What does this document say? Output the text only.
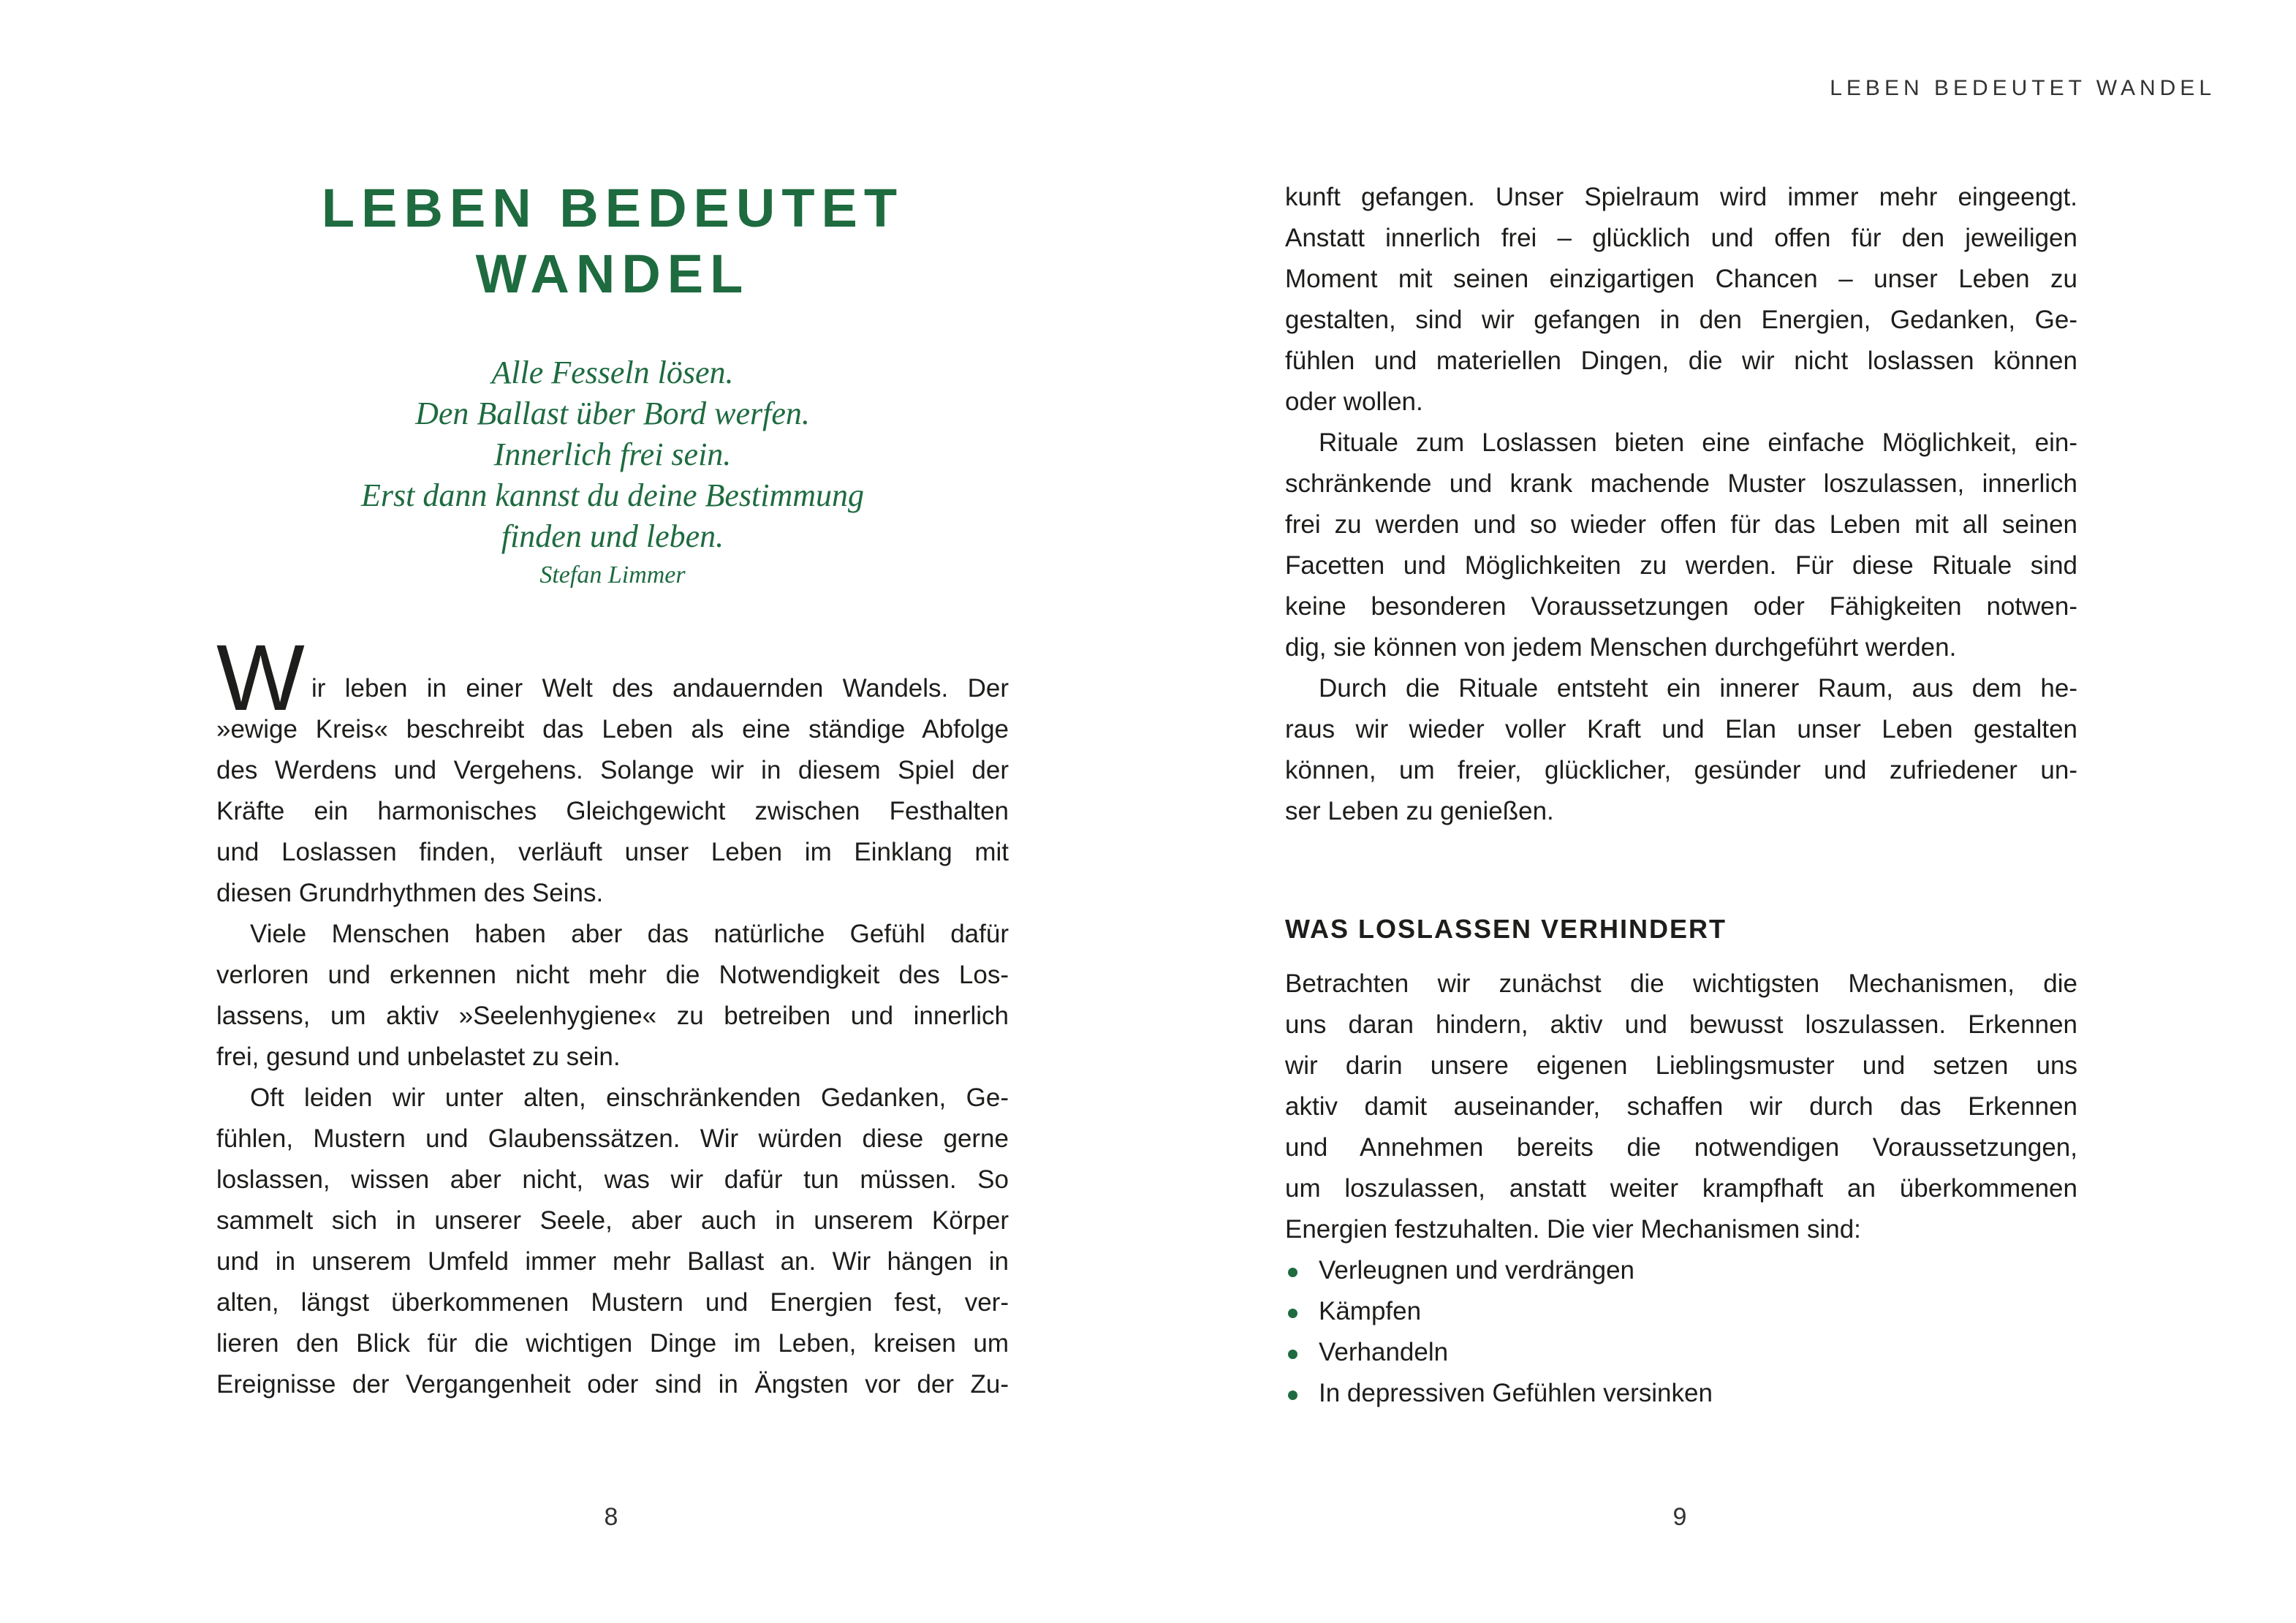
LEBEN BEDEUTET WANDEL
LEBEN BEDEUTET
WANDEL
Alle Fesseln lösen.
Den Ballast über Bord werfen.
Innerlich frei sein.
Erst dann kannst du deine Bestimmung
finden und leben.
Stefan Limmer
W ir leben in einer Welt des andauernden Wandels. Der
»ewige Kreis« beschreibt das Leben als eine ständige Abfolge
des Werdens und Vergehens. Solange wir in diesem Spiel der
Kräfte ein harmonisches Gleichgewicht zwischen Festhalten
und Loslassen finden, verläuft unser Leben im Einklang mit
diesen Grundrhythmen des Seins.
Viele Menschen haben aber das natürliche Gefühl dafür
verloren und erkennen nicht mehr die Notwendigkeit des Los-
lassens, um aktiv »Seelenhygiene« zu betreiben und innerlich
frei, gesund und unbelastet zu sein.
Oft leiden wir unter alten, einschränkenden Gedanken, Ge-
fühlen, Mustern und Glaubenssätzen. Wir würden diese gerne
loslassen, wissen aber nicht, was wir dafür tun müssen. So
sammelt sich in unserer Seele, aber auch in unserem Körper
und in unserem Umfeld immer mehr Ballast an. Wir hängen in
alten, längst überkommenen Mustern und Energien fest, ver-
lieren den Blick für die wichtigen Dinge im Leben, kreisen um
Ereignisse der Vergangenheit oder sind in Ängsten vor der Zu-
kunft gefangen. Unser Spielraum wird immer mehr eingeengt.
Anstatt innerlich frei – glücklich und offen für den jeweiligen
Moment mit seinen einzigartigen Chancen – unser Leben zu
gestalten, sind wir gefangen in den Energien, Gedanken, Ge-
fühlen und materiellen Dingen, die wir nicht loslassen können
oder wollen.
Rituale zum Loslassen bieten eine einfache Möglichkeit, ein-
schränkende und krank machende Muster loszulassen, innerlich
frei zu werden und so wieder offen für das Leben mit all seinen
Facetten und Möglichkeiten zu werden. Für diese Rituale sind
keine besonderen Voraussetzungen oder Fähigkeiten notwen-
dig, sie können von jedem Menschen durchgeführt werden.
Durch die Rituale entsteht ein innerer Raum, aus dem he-
raus wir wieder voller Kraft und Elan unser Leben gestalten
können, um freier, glücklicher, gesünder und zufriedener un-
ser Leben zu genießen.
WAS LOSLASSEN VERHINDERT
Betrachten wir zunächst die wichtigsten Mechanismen, die
uns daran hindern, aktiv und bewusst loszulassen. Erkennen
wir darin unsere eigenen Lieblingsmuster und setzen uns
aktiv damit auseinander, schaffen wir durch das Erkennen
und Annehmen bereits die notwendigen Voraussetzungen,
um loszulassen, anstatt weiter krampfhaft an überkommenen
Energien festzuhalten. Die vier Mechanismen sind:
Verleugnen und verdrängen
Kämpfen
Verhandeln
In depressiven Gefühlen versinken
8	9
